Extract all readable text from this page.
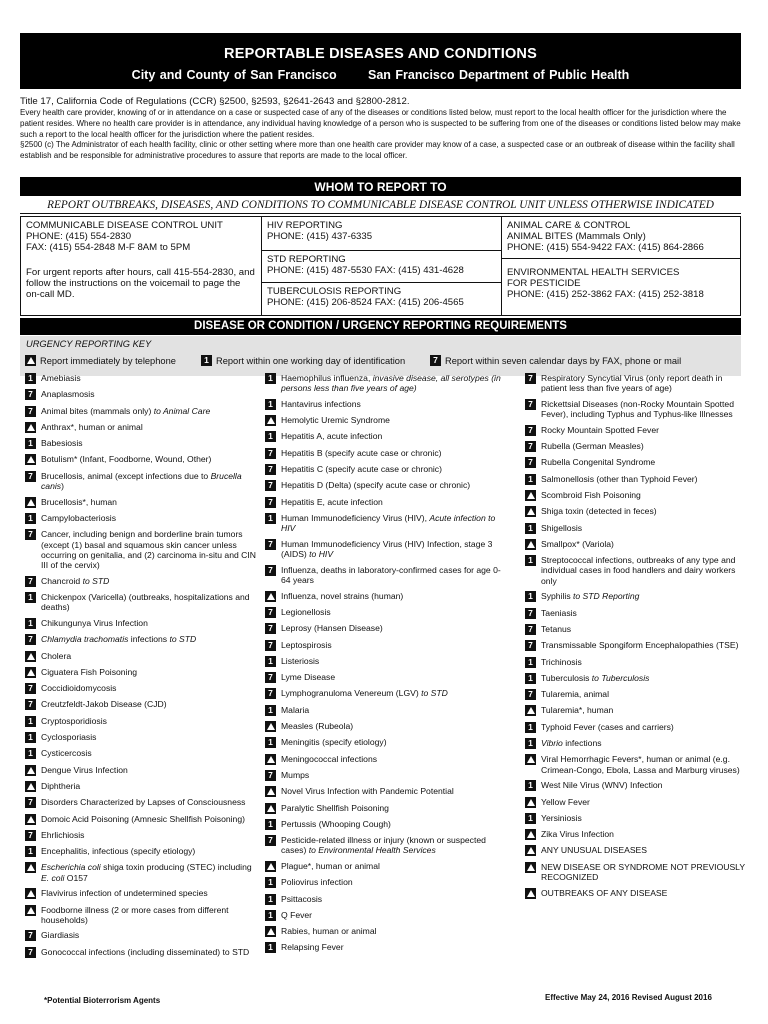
REPORTABLE DISEASES AND CONDITIONS
City and County of San Francisco	San Francisco Department of Public Health
Title 17, California Code of Regulations (CCR) §2500, §2593, §2641-2643 and §2800-2812.
Every health care provider, knowing of or in attendance on a case or suspected case of any of the diseases or conditions listed below, must report to the local health officer for the jurisdiction where the patient resides. Where no health care provider is in attendance, any individual having knowledge of a person who is suspected to be suffering from one of the diseases or conditions listed below may make such a report to the local health officer for the jurisdiction where the patient resides.
§2500 (c) The Administrator of each health facility, clinic or other setting where more than one health care provider may know of a case, a suspected case or an outbreak of disease within the facility shall establish and be responsible for administrative procedures to assure that reports are made to the local officer.
WHOM TO REPORT TO
REPORT OUTBREAKS, DISEASES, AND CONDITIONS TO COMMUNICABLE DISEASE CONTROL UNIT UNLESS OTHERWISE INDICATED
COMMUNICABLE DISEASE CONTROL UNIT
PHONE: (415) 554-2830
FAX: (415) 554-2848 M-F 8AM to 5PM
For urgent reports after hours, call 415-554-2830, and follow the instructions on the voicemail to page the on-call MD.
HIV REPORTING
PHONE: (415) 437-6335
STD REPORTING
PHONE: (415) 487-5530 FAX: (415) 431-4628
TUBERCULOSIS REPORTING
PHONE: (415) 206-8524 FAX: (415) 206-4565
ANIMAL CARE & CONTROL
ANIMAL BITES (Mammals Only)
PHONE: (415) 554-9422 FAX: (415) 864-2866
ENVIRONMENTAL HEALTH SERVICES
FOR PESTICIDE
PHONE: (415) 252-3862 FAX: (415) 252-3818
DISEASE OR CONDITION / URGENCY REPORTING REQUIREMENTS
URGENCY REPORTING KEY
Report immediately by telephone	1 Report within one working day of identification	7 Report within seven calendar days by FAX, phone or mail
1 Amebiasis
7 Anaplasmosis
7 Animal bites (mammals only) to Animal Care
Anthrax*, human or animal
1 Babesiosis
Botulism* (Infant, Foodborne, Wound, Other)
7 Brucellosis, animal (except infections due to Brucella canis)
Brucellosis*, human
1 Campylobacteriosis
7 Cancer, including benign and borderline brain tumors (except (1) basal and squamous skin cancer unless occurring on genitalia, and (2) carcinoma in-situ and CIN III of the cervix)
7 Chancroid to STD
1 Chickenpox (Varicella) (outbreaks, hospitalizations and deaths)
1 Chikungunya Virus Infection
7 Chlamydia trachomatis infections to STD
Cholera
Ciguatera Fish Poisoning
7 Coccidioidomycosis
7 Creutzfeldt-Jakob Disease (CJD)
1 Cryptosporidiosis
1 Cyclosporiasis
1 Cysticercosis
Dengue Virus Infection
Diphtheria
7 Disorders Characterized by Lapses of Consciousness
Domoic Acid Poisoning (Amnesic Shellfish Poisoning)
7 Ehrlichiosis
1 Encephalitis, infectious (specify etiology)
Escherichia coli shiga toxin producing (STEC) including E. coli O157
Flavivirus infection of undetermined species
Foodborne illness (2 or more cases from different households)
7 Giardiasis
7 Gonococcal infections (including disseminated) to STD
1 Haemophilus influenza, invasive disease, all serotypes (in persons less than five years of age)
1 Hantavirus infections
Hemolytic Uremic Syndrome
1 Hepatitis A, acute infection
7 Hepatitis B (specify acute case or chronic)
7 Hepatitis C (specify acute case or chronic)
7 Hepatitis D (Delta) (specify acute case or chronic)
7 Hepatitis E, acute infection
1 Human Immunodeficiency Virus (HIV), Acute infection to HIV
7 Human Immunodeficiency Virus (HIV) Infection, stage 3 (AIDS) to HIV
7 Influenza, deaths in laboratory-confirmed cases for age 0-64 years
Influenza, novel strains (human)
7 Legionellosis
7 Leprosy (Hansen Disease)
7 Leptospirosis
1 Listeriosis
7 Lyme Disease
7 Lymphogranuloma Venereum (LGV) to STD
1 Malaria
Measles (Rubeola)
1 Meningitis (specify etiology)
Meningococcal infections
7 Mumps
Novel Virus Infection with Pandemic Potential
Paralytic Shellfish Poisoning
1 Pertussis (Whooping Cough)
7 Pesticide-related illness or injury (known or suspected cases) to Environmental Health Services
Plague*, human or animal
1 Poliovirus infection
1 Psittacosis
1 Q Fever
Rabies, human or animal
1 Relapsing Fever
7 Respiratory Syncytial Virus (only report death in patient less than five years of age)
7 Rickettsial Diseases (non-Rocky Mountain Spotted Fever), including Typhus and Typhus-like Illnesses
7 Rocky Mountain Spotted Fever
7 Rubella (German Measles)
7 Rubella Congenital Syndrome
1 Salmonellosis (other than Typhoid Fever)
Scombroid Fish Poisoning
Shiga toxin (detected in feces)
1 Shigellosis
Smallpox* (Variola)
1 Streptococcal infections, outbreaks of any type and individual cases in food handlers and dairy workers only
1 Syphilis to STD Reporting
7 Taeniasis
7 Tetanus
7 Transmissable Spongiform Encephalopathies (TSE)
1 Trichinosis
1 Tuberculosis to Tuberculosis
7 Tularemia, animal
Tularemia*, human
1 Typhoid Fever (cases and carriers)
1 Vibrio infections
Viral Hemorrhagic Fevers*, human or animal (e.g. Crimean-Congo, Ebola, Lassa and Marburg viruses)
1 West Nile Virus (WNV) Infection
Yellow Fever
1 Yersiniosis
Zika Virus Infection
ANY UNUSUAL DISEASES
NEW DISEASE OR SYNDROME NOT PREVIOUSLY RECOGNIZED
OUTBREAKS OF ANY DISEASE
*Potential Bioterrorism Agents	Effective May 24, 2016 Revised August 2016
